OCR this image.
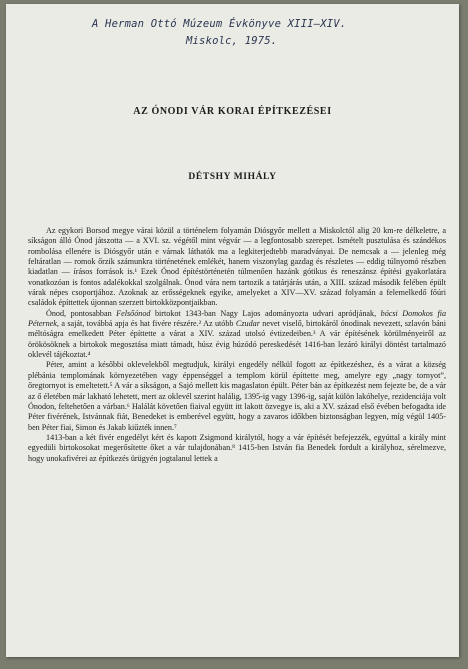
A Herman Ottó Múzeum Évkönyve XIII–XIV.
Miskolc, 1975.
AZ ÓNODI VÁR KORAI ÉPÍTKEZÉSEI
DÉTSHY MIHÁLY

Az egykori Borsod megye várai közül a történelem folyamán Diósgyőr mellett a Miskolctól alig 20 km-re délkeletre, a síkságon álló Ónod játszotta — a XVI. sz. végétől mint végvár — a legfontosabb szerepet. Ismételt pusztulása és szándékos rombolása ellenére is Diósgyőr után e várnak láthatók ma a legkiterjedtebb maradványai. De nemcsak a — jelenleg még feltáratlan — romok őrzik számunkra történetének emlékét, hanem viszonylag gazdag és részletes — eddig túlnyomó részben kiadatlan — írásos források is.¹ Ezek Ónod építéstörténetén túlmenően hazánk gótikus és reneszánsz építési gyakorlatára vonatkozóan is fontos adalékokkal szolgálnak. Ónod vára nem tartozik a tatárjárás után, a XIII. század második felében épült várak népes csoportjához. Azoknak az erősségeknek egyike, amelyeket a XIV—XV. század folyamán a felemelkedő főúri családok építtettek újonnan szerzett birtokközpontjaikban.

Ónod, pontosabban Felsőónod birtokot 1343-ban Nagy Lajos adományozta udvari apródjának, bócsi Domokos fia Péternek, a saját, továbbá apja és hat fivére részére.² Az utóbb Czudar nevet viselő, birtokáról ónodinak nevezett, szlavón báni méltóságra emelkedett Péter építtette a várat a XIV. század utolsó évtizedeiben.³ A vár építésének körülményeiről az örökösöknek a birtokok megosztása miatt támadt, húsz évig húzódó pereskedését 1416-ban lezáró királyi döntést tartalmazó oklevél tájékoztat.⁴

Péter, amint a későbbi oklevelekből megtudjuk, királyi engedély nélkül fogott az építkezéshez, és a várat a község plébánia templomának környezetében vagy éppenséggel a templom körül építtette meg, amelyre egy „nagy tornyot”, őregtornyot is emeltetett.⁵ A vár a síkságon, a Sajó mellett kis magaslaton épült. Péter bán az építkezést nem fejezte be, de a vár az ő életében már lakható lehetett, mert az oklevél szerint halálig, 1395-ig vagy 1396-ig, saját külön lakóhelye, rezidenciája volt Ónodon, feltehetően a várban.⁶ Halálát követően fiaival együtt itt lakott özvegye is, aki a XV. század első évében befogadta ide Péter fivérének, Istvánnak fiát, Benedeket is emberével együtt, hogy a zavaros időkben biztonságban legyen, míg végül 1405-ben Péter fiai, Simon és Jakab kiűzték innen.⁷

1413-ban a két fivér engedélyt kért és kapott Zsigmond királytól, hogy a vár építését befejezzék, egyúttal a király mint egyedüli birtokosokat megerősítette őket a vár tulajdonában.⁸ 1415-ben István fia Benedek fordult a királyhoz, sérelmezve, hogy unokafivérei az építkezés ürügyén jogtalanul lettek a
